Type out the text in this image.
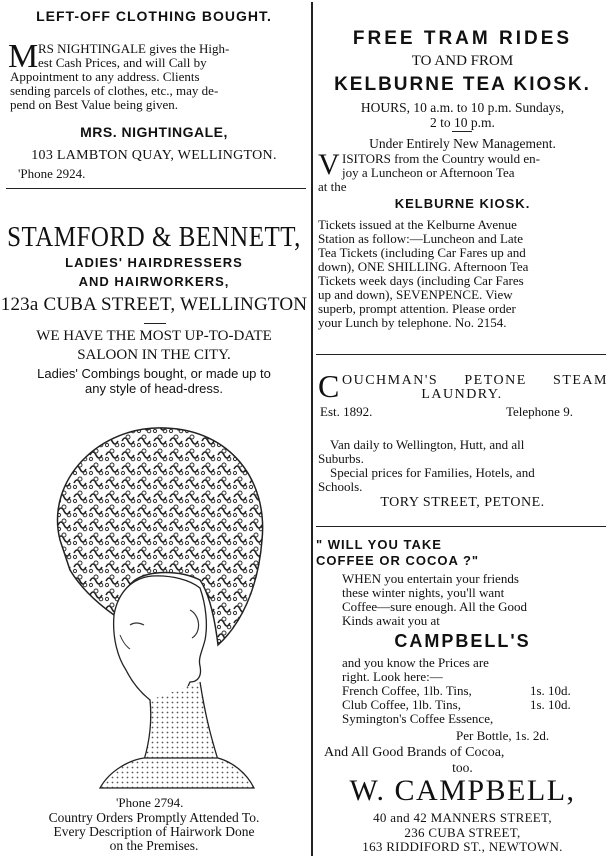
LEFT-OFF CLOTHING BOUGHT.
M RS NIGHTINGALE gives the High-
est Cash Prices, and will Call by
Appointment to any address. Clients
sending parcels of clothes, etc., may de-
pend on Best Value being given.
MRS. NIGHTINGALE,
103 LAMBTON QUAY, WELLINGTON.
'Phone 2924.
STAMFORD & BENNETT,
LADIES' HAIRDRESSERS
AND HAIRWORKERS,
123a CUBA STREET, WELLINGTON
WE HAVE THE MOST UP-TO-DATE
SALOON IN THE CITY.
Ladies' Combings bought, or made up to
any style of head-dress.
'Phone 2794.
Country Orders Promptly Attended To.
Every Description of Hairwork Done
on the Premises.
FREE TRAM RIDES
TO AND FROM
KELBURNE TEA KIOSK.
HOURS, 10 a.m. to 10 p.m. Sundays,
2 to 10 p.m.
Under Entirely New Management.
V ISITORS from the Country would en-
joy a Luncheon or Afternoon Tea
at the
KELBURNE KIOSK.
Tickets issued at the Kelburne Avenue
Station as follow:—Luncheon and Late
Tea Tickets (including Car Fares up and
down), ONE SHILLING. Afternoon Tea
Tickets week days (including Car Fares
up and down), SEVENPENCE. View
superb, prompt attention. Please order
your Lunch by telephone. No. 2154.
C OUCHMAN'S PETONE STEAM
LAUNDRY.
Est. 1892.	Telephone 9.
Van daily to Wellington, Hutt, and all
Suburbs.
Special prices for Families, Hotels, and
Schools.
TORY STREET, PETONE.
" WILL YOU TAKE
COFFEE OR COCOA ?"
WHEN you entertain your friends
these winter nights, you'll want
Coffee—sure enough. All the Good
Kinds await you at
CAMPBELL'S
and you know the Prices are
right. Look here:—
French Coffee, 1lb. Tins,	1s. 10d.
Club Coffee, 1lb. Tins,	1s. 10d.
Symington's Coffee Essence,
Per Bottle, 1s. 2d.
And All Good Brands of Cocoa,
too.
W. CAMPBELL,
40 and 42 MANNERS STREET,
236 CUBA STREET,
163 RIDDIFORD ST., NEWTOWN.
